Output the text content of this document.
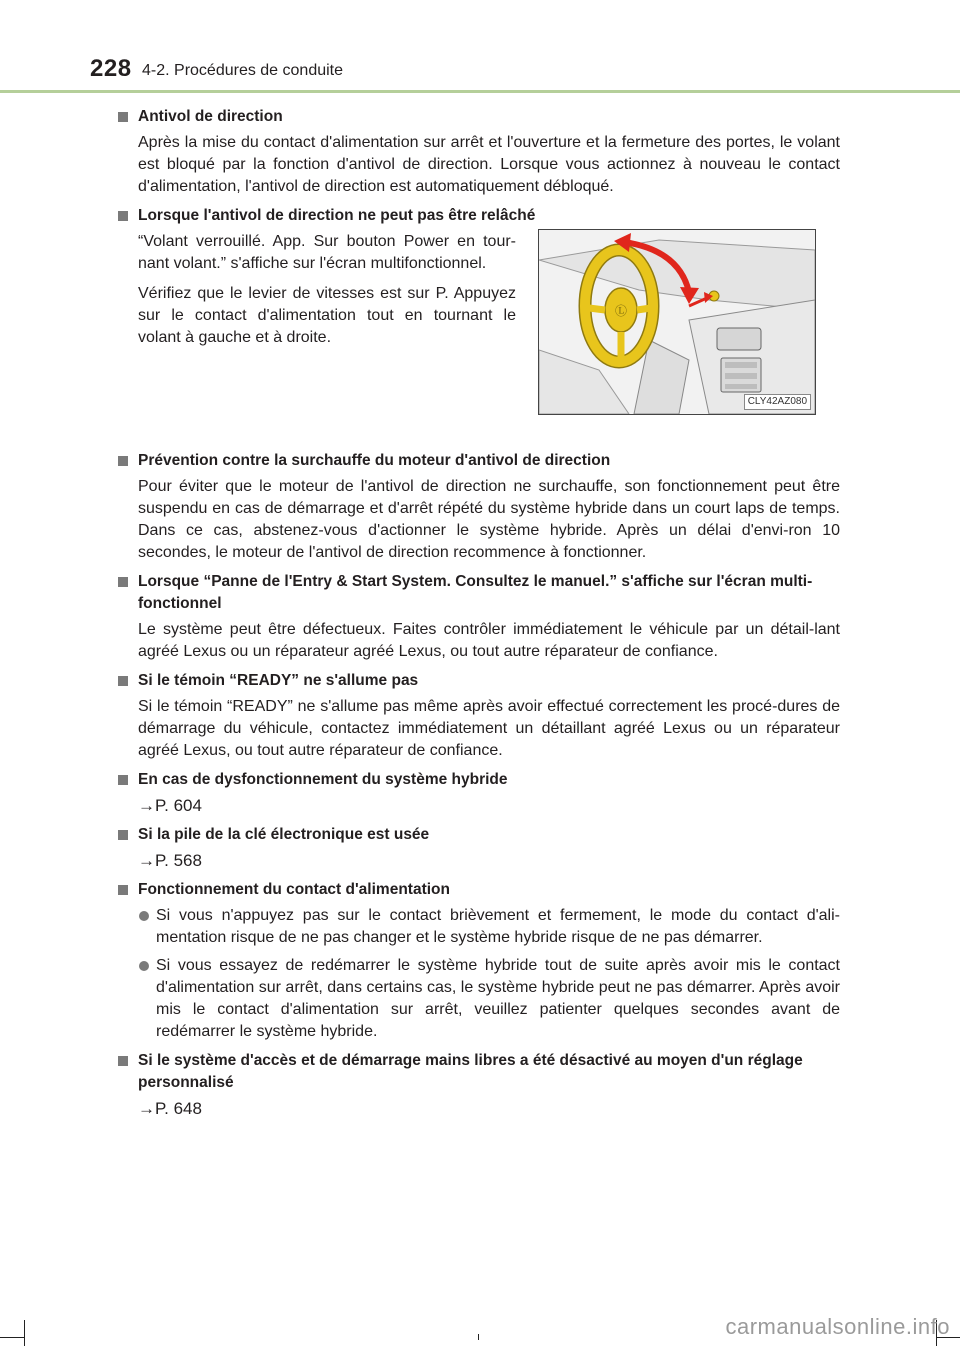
228 4-2. Procédures de conduite
Antivol de direction

Après la mise du contact d'alimentation sur arrêt et l'ouverture et la fermeture des portes, le volant est bloqué par la fonction d'antivol de direction. Lorsque vous actionnez à nouveau le contact d'alimentation, l'antivol de direction est automatiquement débloqué.

Lorsque l'antivol de direction ne peut pas être relâché

“Volant verrouillé. App. Sur bouton Power en tour-nant volant.” s'affiche sur l'écran multifonctionnel.

Vérifiez que le levier de vitesses est sur P. Appuyez sur le contact d'alimentation tout en tournant le volant à gauche et à droite.

Ⓛ
CLY42AZ080
Prévention contre la surchauffe du moteur d'antivol de direction

Pour éviter que le moteur de l'antivol de direction ne surchauffe, son fonctionnement peut être suspendu en cas de démarrage et d'arrêt répété du système hybride dans un court laps de temps. Dans ce cas, abstenez-vous d'actionner le système hybride. Après un délai d'envi-ron 10 secondes, le moteur de l'antivol de direction recommence à fonctionner.

Lorsque “Panne de l'Entry & Start System. Consultez le manuel.” s'affiche sur l'écran multi-fonctionnel

Le système peut être défectueux. Faites contrôler immédiatement le véhicule par un détail-lant agréé Lexus ou un réparateur agréé Lexus, ou tout autre réparateur de confiance.

Si le témoin “READY” ne s'allume pas

Si le témoin “READY” ne s'allume pas même après avoir effectué correctement les procé-dures de démarrage du véhicule, contactez immédiatement un détaillant agréé Lexus ou un réparateur agréé Lexus, ou tout autre réparateur de confiance.

En cas de dysfonctionnement du système hybride

→P. 604

Si la pile de la clé électronique est usée

→P. 568

Fonctionnement du contact d'alimentation

Si vous n'appuyez pas sur le contact brièvement et fermement, le mode du contact d'ali-mentation risque de ne pas changer et le système hybride risque de ne pas démarrer.

Si vous essayez de redémarrer le système hybride tout de suite après avoir mis le contact d'alimentation sur arrêt, dans certains cas, le système hybride peut ne pas démarrer. Après avoir mis le contact d'alimentation sur arrêt, veuillez patienter quelques secondes avant de redémarrer le système hybride.

Si le système d'accès et de démarrage mains libres a été désactivé au moyen d'un réglage personnalisé

→P. 648

carmanualsonline.info
